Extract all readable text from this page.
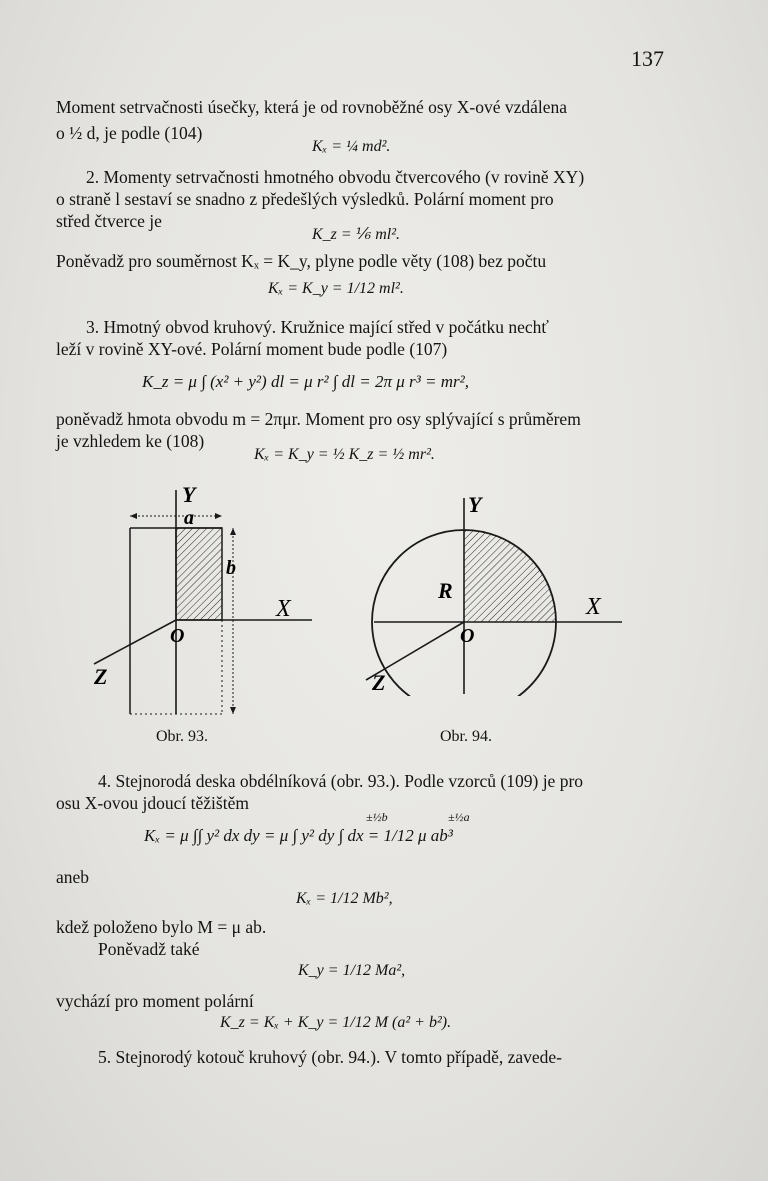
137
Moment setrvačnosti úsečky, která je od rovnoběžné osy X-ové vzdálena
o ½ d, je podle (104)
Kₓ = ¼ md².
2. Momenty setrvačnosti hmotného obvodu čtvercového (v rovině XY)
o straně l sestaví se snadno z předešlých výsledků. Polární moment pro
střed čtverce je
K_z = ⅙ ml².
Poněvadž pro souměrnost Kₓ = K_y, plyne podle věty (108) bez počtu
Kₓ = K_y = 1/12 ml².
3. Hmotný obvod kruhový. Kružnice mající střed v počátku nechť
leží v rovině XY-ové. Polární moment bude podle (107)
K_z = μ ∫ (x² + y²) dl = μ r² ∫ dl = 2π μ r³ = mr²,
poněvadž hmota obvodu m = 2πμr. Moment pro osy splývající s průměrem
je vzhledem ke (108)
Kₓ = K_y = ½ K_z = ½ mr².
Y
a
b
X
O
Z
Obr. 93.
Y
R
X
O
Z
Obr. 94.
4. Stejnorodá deska obdélníková (obr. 93.). Podle vzorců (109) je pro
osu X-ovou jdoucí těžištěm
Kₓ = μ ∫∫ y² dx dy = μ ∫ y² dy ∫ dx = 1/12 μ ab³
±½b	±½a
aneb
Kₓ = 1/12 Mb²,
kdež položeno bylo M = μ ab.
Poněvadž také
K_y = 1/12 Ma²,
vychází pro moment polární
K_z = Kₓ + K_y = 1/12 M (a² + b²).
5. Stejnorodý kotouč kruhový (obr. 94.). V tomto případě, zavede-
